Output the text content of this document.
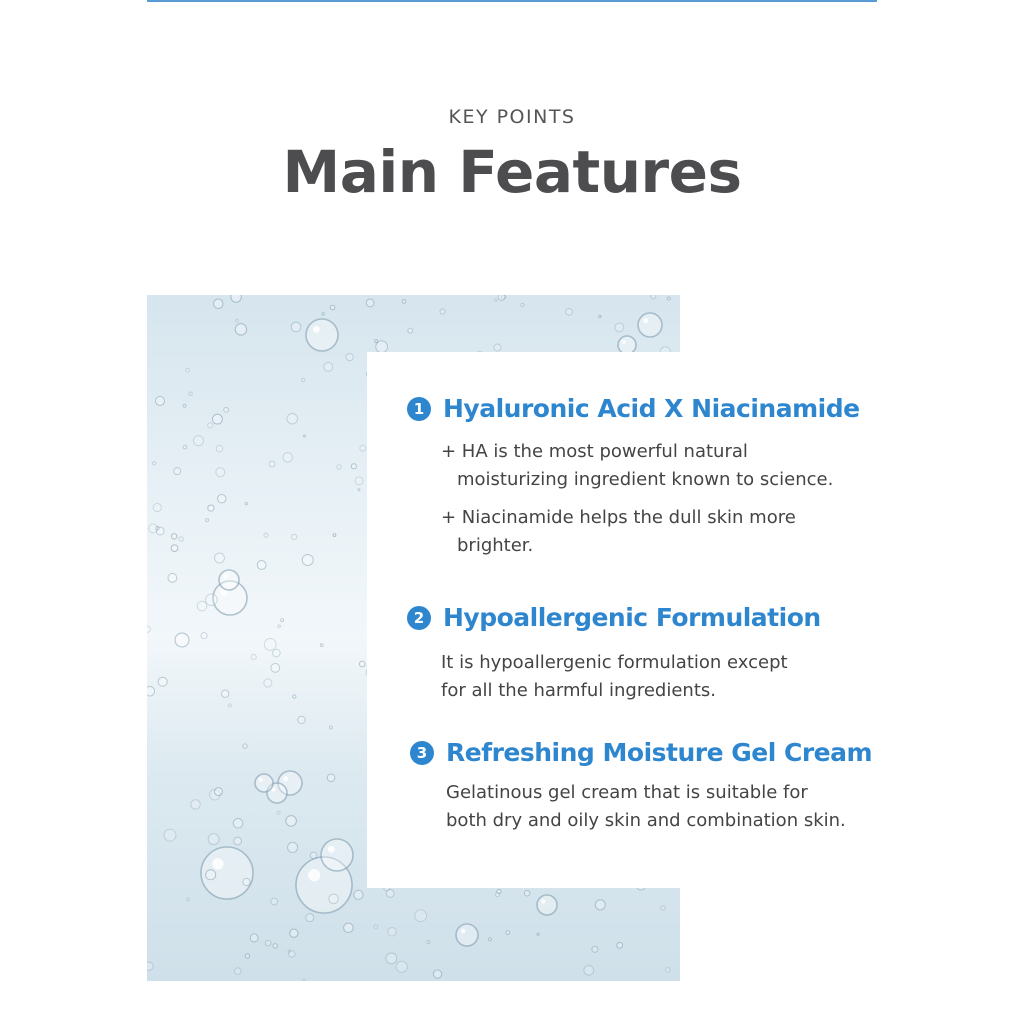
KEY POINTS
Main Features
1 Hyaluronic Acid X Niacinamide
+ HA is the most powerful natural
moisturizing ingredient known to science.
+ Niacinamide helps the dull skin more
brighter.
2 Hypoallergenic Formulation
It is hypoallergenic formulation except
for all the harmful ingredients.
3 Refreshing Moisture Gel Cream
Gelatinous gel cream that is suitable for
both dry and oily skin and combination skin.
